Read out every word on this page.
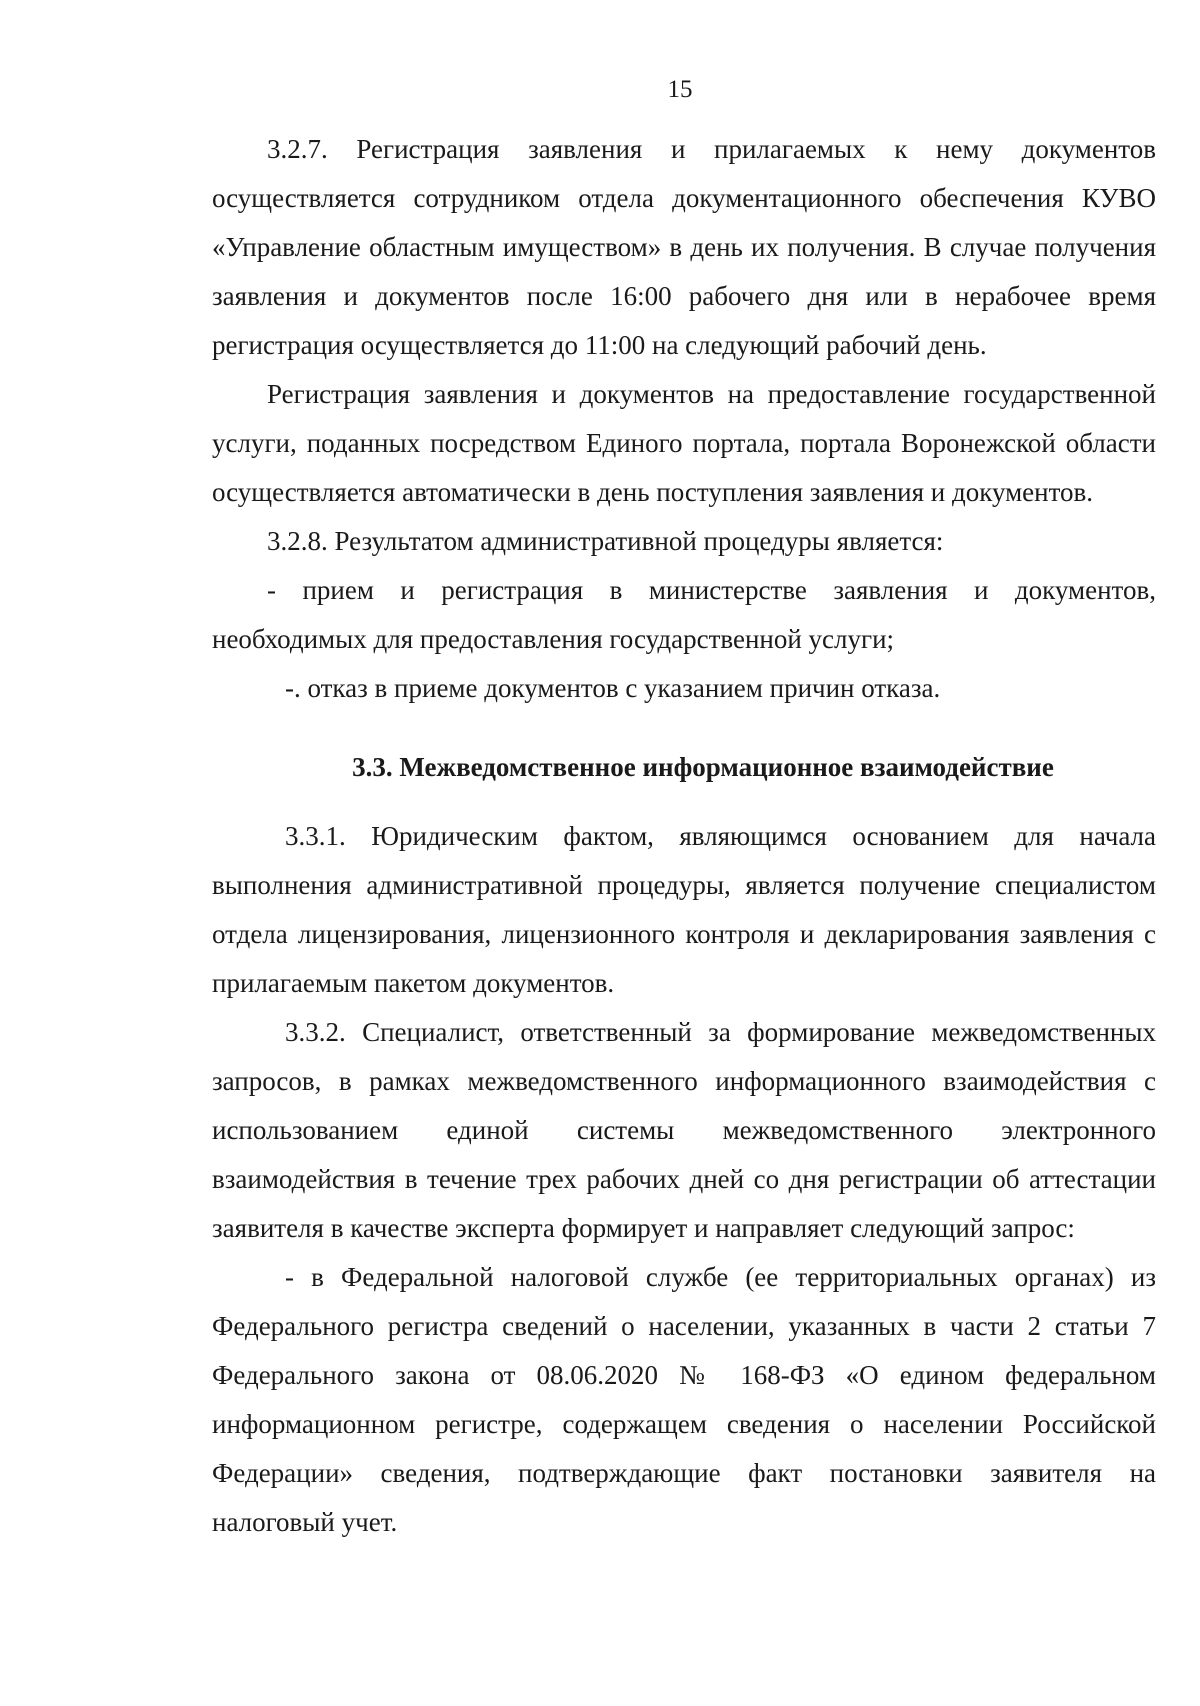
15

3.2.7. Регистрация заявления и прилагаемых к нему документов осуществляется сотрудником отдела документационного обеспечения КУВО «Управление областным имуществом» в день их получения. В случае получения заявления и документов после 16:00 рабочего дня или в нерабочее время регистрация осуществляется до 11:00 на следующий рабочий день.

Регистрация заявления и документов на предоставление государственной услуги, поданных посредством Единого портала, портала Воронежской области осуществляется автоматически в день поступления заявления и документов.

3.2.8. Результатом административной процедуры является:

- прием и регистрация в министерстве заявления и документов, необходимых для предоставления государственной услуги;

-. отказ в приеме документов с указанием причин отказа.

3.3. Межведомственное информационное взаимодействие

3.3.1. Юридическим фактом, являющимся основанием для начала выполнения административной процедуры, является получение специалистом отдела лицензирования, лицензионного контроля и декларирования заявления с прилагаемым пакетом документов.

3.3.2. Специалист, ответственный за формирование межведомственных запросов, в рамках межведомственного информационного взаимодействия с использованием единой системы межведомственного электронного взаимодействия в течение трех рабочих дней со дня регистрации об аттестации заявителя в качестве эксперта формирует и направляет следующий запрос:

- в Федеральной налоговой службе (ее территориальных органах) из Федерального регистра сведений о населении, указанных в части 2 статьи 7 Федерального закона от 08.06.2020 № 168-ФЗ «О едином федеральном информационном регистре, содержащем сведения о населении Российской Федерации» сведения, подтверждающие факт постановки заявителя на налоговый учет.
